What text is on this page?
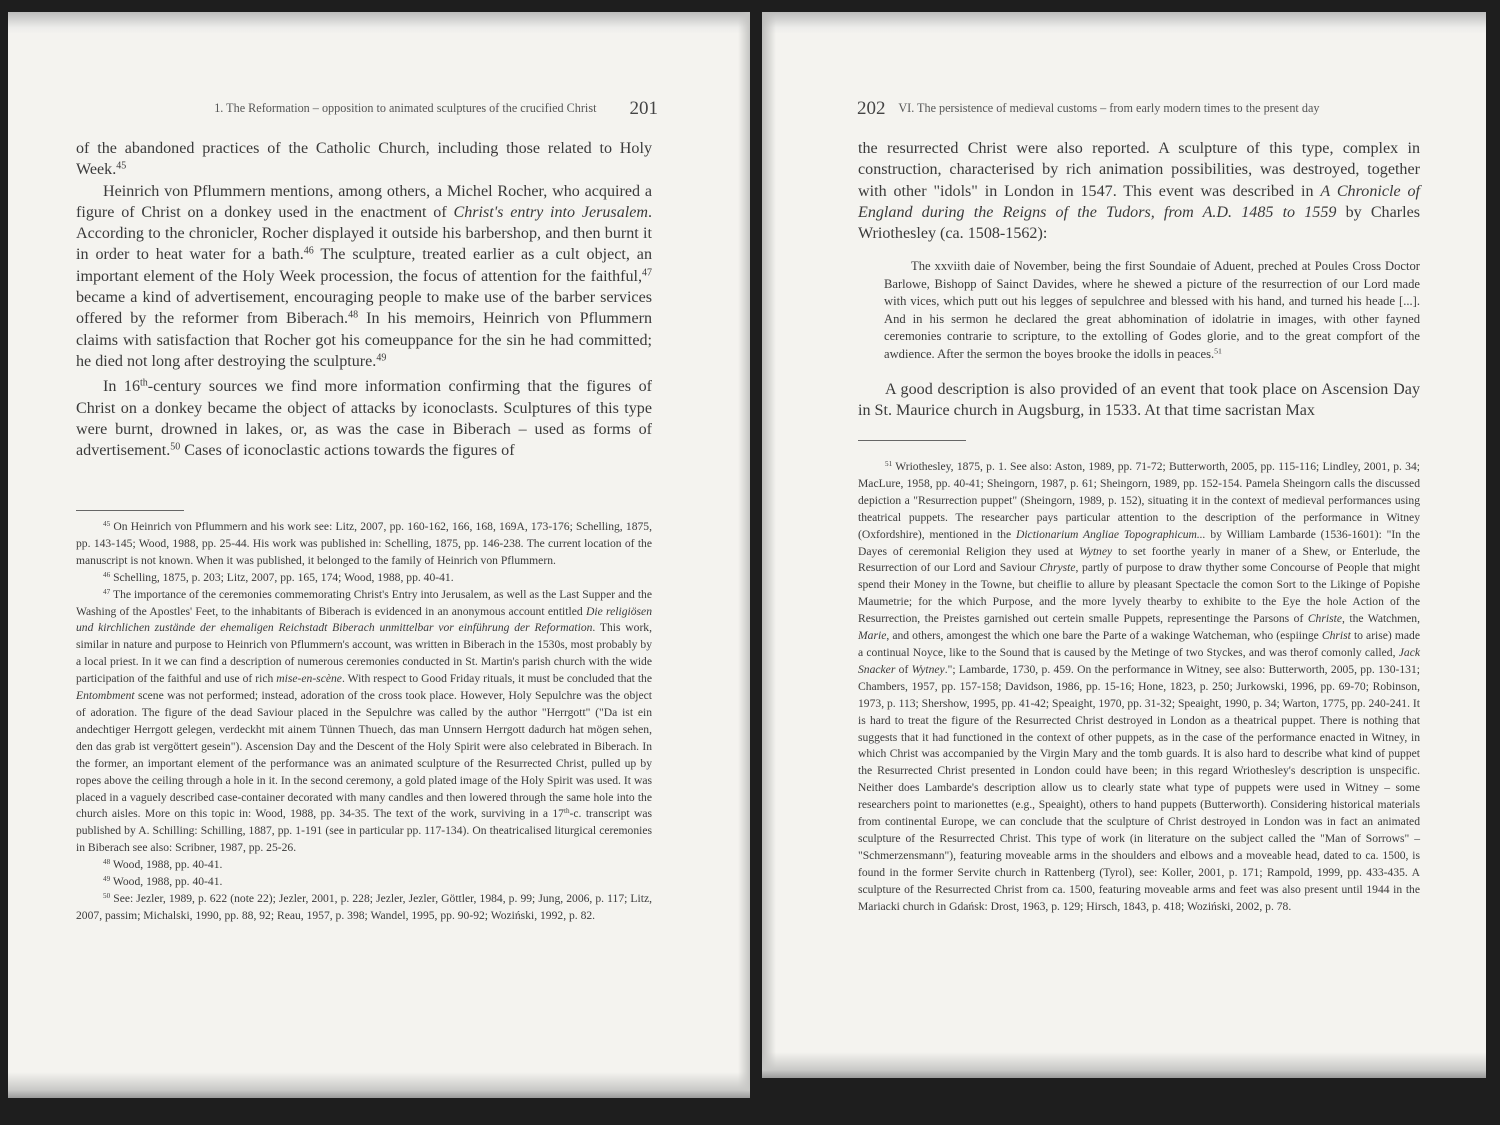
1. The Reformation – opposition to animated sculptures of the crucified Christ 201

of the abandoned practices of the Catholic Church, including those related to Holy Week.$^{45}$

Heinrich von Pflummern mentions, among others, a Michel Rocher, who acquired a figure of Christ on a donkey used in the enactment of Christ's entry into Jerusalem. According to the chronicler, Rocher displayed it outside his barbershop, and then burnt it in order to heat water for a bath.$^{46}$ The sculpture, treated earlier as a cult object, an important element of the Holy Week procession, the focus of attention for the faithful,$^{47}$ became a kind of advertisement, encouraging people to make use of the barber services offered by the reformer from Biberach.$^{48}$ In his memoirs, Heinrich von Pflummern claims with satisfaction that Rocher got his comeuppance for the sin he had committed; he died not long after destroying the sculpture.$^{49}$

In 16th-century sources we find more information confirming that the figures of Christ on a donkey became the object of attacks by iconoclasts. Sculptures of this type were burnt, drowned in lakes, or, as was the case in Biberach – used as forms of advertisement.$^{50}$ Cases of iconoclastic actions towards the figures of

$^{45}$ On Heinrich von Pflummern and his work see: Litz, 2007, pp. 160-162, 166, 168, 169A, 173-176; Schelling, 1875, pp. 143-145; Wood, 1988, pp. 25-44. His work was published in: Schelling, 1875, pp. 146-238. The current location of the manuscript is not known. When it was published, it belonged to the family of Heinrich von Pflummern.

$^{46}$ Schelling, 1875, p. 203; Litz, 2007, pp. 165, 174; Wood, 1988, pp. 40-41.

$^{47}$ The importance of the ceremonies commemorating Christ's Entry into Jerusalem, as well as the Last Supper and the Washing of the Apostles' Feet, to the inhabitants of Biberach is evidenced in an anonymous account entitled Die religiösen und kirchlichen zustände der ehemaligen Reichstadt Biberach unmittelbar vor einführung der Reformation. This work, similar in nature and purpose to Heinrich von Pflummern's account, was written in Biberach in the 1530s, most probably by a local priest. In it we can find a description of numerous ceremonies conducted in St. Martin's parish church with the wide participation of the faithful and use of rich mise-en-scène. With respect to Good Friday rituals, it must be concluded that the Entombment scene was not performed; instead, adoration of the cross took place. However, Holy Sepulchre was the object of adoration. The figure of the dead Saviour placed in the Sepulchre was called by the author "Herrgott" ("Da ist ein andechtiger Herrgott gelegen, verdeckht mit ainem Tünnen Thuech, das man Unnsern Herrgott dadurch hat mögen sehen, den das grab ist vergöttert gesein"). Ascension Day and the Descent of the Holy Spirit were also celebrated in Biberach. In the former, an important element of the performance was an animated sculpture of the Resurrected Christ, pulled up by ropes above the ceiling through a hole in it. In the second ceremony, a gold plated image of the Holy Spirit was used. It was placed in a vaguely described case-container decorated with many candles and then lowered through the same hole into the church aisles. More on this topic in: Wood, 1988, pp. 34-35. The text of the work, surviving in a 17th-c. transcript was published by A. Schilling: Schilling, 1887, pp. 1-191 (see in particular pp. 117-134). On theatricalised liturgical ceremonies in Biberach see also: Scribner, 1987, pp. 25-26.

$^{48}$ Wood, 1988, pp. 40-41.

$^{49}$ Wood, 1988, pp. 40-41.

$^{50}$ See: Jezler, 1989, p. 622 (note 22); Jezler, 2001, p. 228; Jezler, Jezler, Göttler, 1984, p. 99; Jung, 2006, p. 117; Litz, 2007, passim; Michalski, 1990, pp. 88, 92; Reau, 1957, p. 398; Wandel, 1995, pp. 90-92; Woziński, 1992, p. 82.

202 VI. The persistence of medieval customs – from early modern times to the present day

the resurrected Christ were also reported. A sculpture of this type, complex in construction, characterised by rich animation possibilities, was destroyed, together with other "idols" in London in 1547. This event was described in A Chronicle of England during the Reigns of the Tudors, from A.D. 1485 to 1559 by Charles Wriothesley (ca. 1508-1562):

The xxviith daie of November, being the first Soundaie of Aduent, preched at Poules Cross Doctor Barlowe, Bishopp of Sainct Davides, where he shewed a picture of the resurrection of our Lord made with vices, which putt out his legges of sepulchree and blessed with his hand, and turned his heade [...]. And in his sermon he declared the great abhomination of idolatrie in images, with other fayned ceremonies contrarie to scripture, to the extolling of Godes glorie, and to the great compfort of the awdience. After the sermon the boyes brooke the idolls in peaces.$^{51}$

A good description is also provided of an event that took place on Ascension Day in St. Maurice church in Augsburg, in 1533. At that time sacristan Max

$^{51}$ Wriothesley, 1875, p. 1. See also: Aston, 1989, pp. 71-72; Butterworth, 2005, pp. 115-116; Lindley, 2001, p. 34; MacLure, 1958, pp. 40-41; Sheingorn, 1987, p. 61; Sheingorn, 1989, pp. 152-154. Pamela Sheingorn calls the discussed depiction a "Resurrection puppet" (Sheingorn, 1989, p. 152), situating it in the context of medieval performances using theatrical puppets. The researcher pays particular attention to the description of the performance in Witney (Oxfordshire), mentioned in the Dictionarium Angliae Topographicum... by William Lambarde (1536-1601): "In the Dayes of ceremonial Religion they used at Wytney to set foorthe yearly in maner of a Shew, or Enterlude, the Resurrection of our Lord and Saviour Chryste, partly of purpose to draw thyther some Concourse of People that might spend their Money in the Towne, but cheiflie to allure by pleasant Spectacle the comon Sort to the Likinge of Popishe Maumetrie; for the which Purpose, and the more lyvely thearby to exhibite to the Eye the hole Action of the Resurrection, the Preistes garnished out certein smalle Puppets, representinge the Parsons of Christe, the Watchmen, Marie, and others, amongest the which one bare the Parte of a wakinge Watcheman, who (espiinge Christ to arise) made a continual Noyce, like to the Sound that is caused by the Metinge of two Styckes, and was therof comonly called, Jack Snacker of Wytney."; Lambarde, 1730, p. 459. On the performance in Witney, see also: Butterworth, 2005, pp. 130-131; Chambers, 1957, pp. 157-158; Davidson, 1986, pp. 15-16; Hone, 1823, p. 250; Jurkowski, 1996, pp. 69-70; Robinson, 1973, p. 113; Shershow, 1995, pp. 41-42; Speaight, 1970, pp. 31-32; Speaight, 1990, p. 34; Warton, 1775, pp. 240-241. It is hard to treat the figure of the Resurrected Christ destroyed in London as a theatrical puppet. There is nothing that suggests that it had functioned in the context of other puppets, as in the case of the performance enacted in Witney, in which Christ was accompanied by the Virgin Mary and the tomb guards. It is also hard to describe what kind of puppet the Resurrected Christ presented in London could have been; in this regard Wriothesley's description is unspecific. Neither does Lambarde's description allow us to clearly state what type of puppets were used in Witney – some researchers point to marionettes (e.g., Speaight), others to hand puppets (Butterworth). Considering historical materials from continental Europe, we can conclude that the sculpture of Christ destroyed in London was in fact an animated sculpture of the Resurrected Christ. This type of work (in literature on the subject called the "Man of Sorrows" – "Schmerzensmann"), featuring moveable arms in the shoulders and elbows and a moveable head, dated to ca. 1500, is found in the former Servite church in Rattenberg (Tyrol), see: Koller, 2001, p. 171; Rampold, 1999, pp. 433-435. A sculpture of the Resurrected Christ from ca. 1500, featuring moveable arms and feet was also present until 1944 in the Mariacki church in Gdańsk: Drost, 1963, p. 129; Hirsch, 1843, p. 418; Woziński, 2002, p. 78.
